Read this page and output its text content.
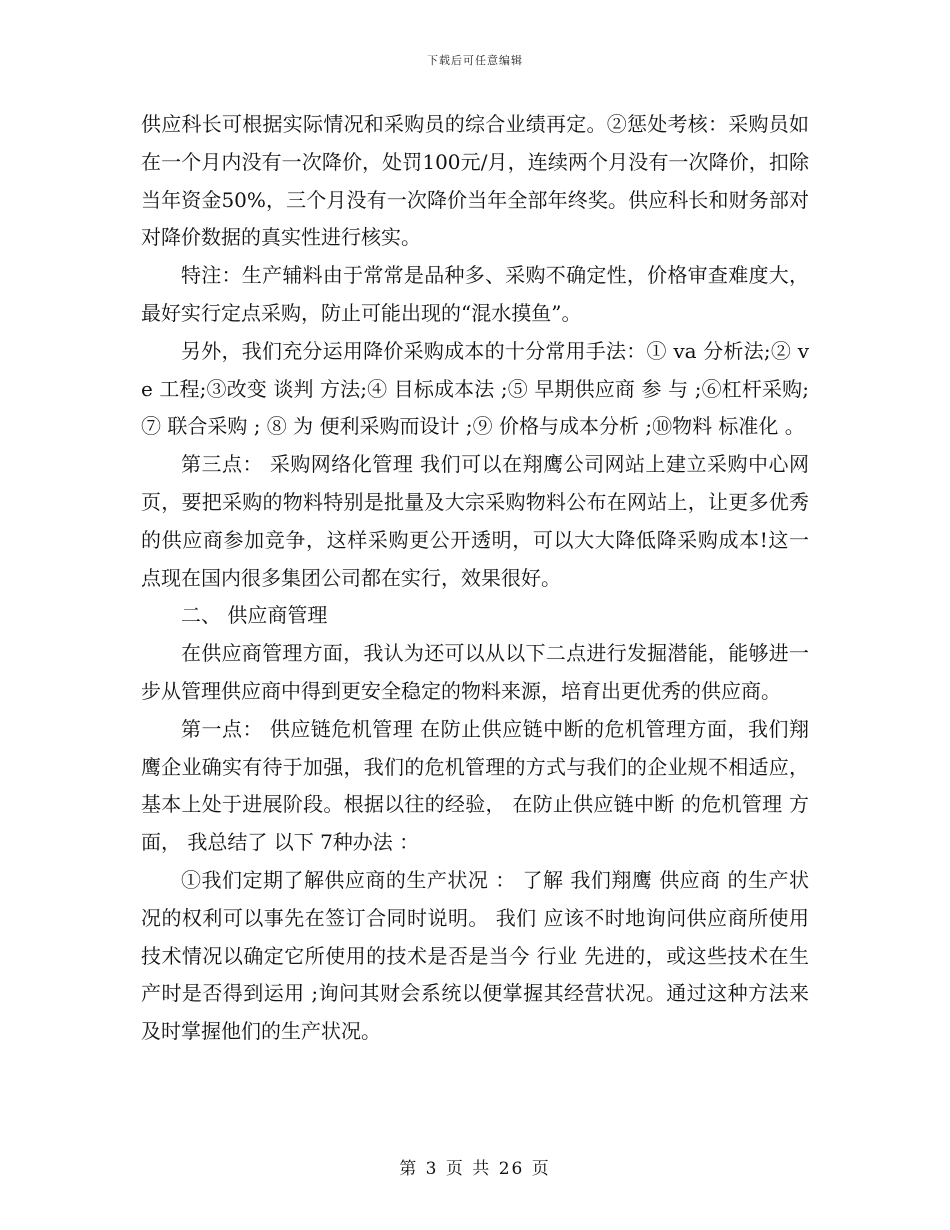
下载后可任意编辑

供应科长可根据实际情况和采购员的综合业绩再定。②惩处考核：采购员如在一个月内没有一次降价，处罚100元/月，连续两个月没有一次降价，扣除当年资金50%，三个月没有一次降价当年全部年终奖。供应科长和财务部对对降价数据的真实性进行核实。

特注：生产辅料由于常常是品种多、采购不确定性，价格审查难度大，最好实行定点采购，防止可能出现的“混水摸鱼”。

另外，我们充分运用降价采购成本的十分常用手法：① va 分析法;② ve 工程;③改变 谈判 方法;④ 目标成本法 ;⑤ 早期供应商 参 与 ;⑥杠杆采购;⑦ 联合采购 ; ⑧ 为 便利采购而设计 ;⑨ 价格与成本分析 ;⑩物料 标准化 。

第三点： 采购网络化管理 我们可以在翔鹰公司网站上建立采购中心网页，要把采购的物料特别是批量及大宗采购物料公布在网站上，让更多优秀的供应商参加竞争，这样采购更公开透明，可以大大降低降采购成本!这一点现在国内很多集团公司都在实行，效果很好。

二、 供应商管理

在供应商管理方面，我认为还可以从以下二点进行发掘潜能，能够进一步从管理供应商中得到更安全稳定的物料来源，培育出更优秀的供应商。

第一点： 供应链危机管理 在防止供应链中断的危机管理方面，我们翔鹰企业确实有待于加强，我们的危机管理的方式与我们的企业规不相适应，基本上处于进展阶段。根据以往的经验， 在防止供应链中断 的危机管理 方面， 我总结了 以下 7种办法 ：

①我们定期了解供应商的生产状况 ： 了解 我们翔鹰 供应商 的生产状况的权利可以事先在签订合同时说明。 我们 应该不时地询问供应商所使用技术情况以确定它所使用的技术是否是当今 行业 先进的，或这些技术在生产时是否得到运用 ;询问其财会系统以便掌握其经营状况。通过这种方法来及时掌握他们的生产状况。

第 3 页 共 26 页
